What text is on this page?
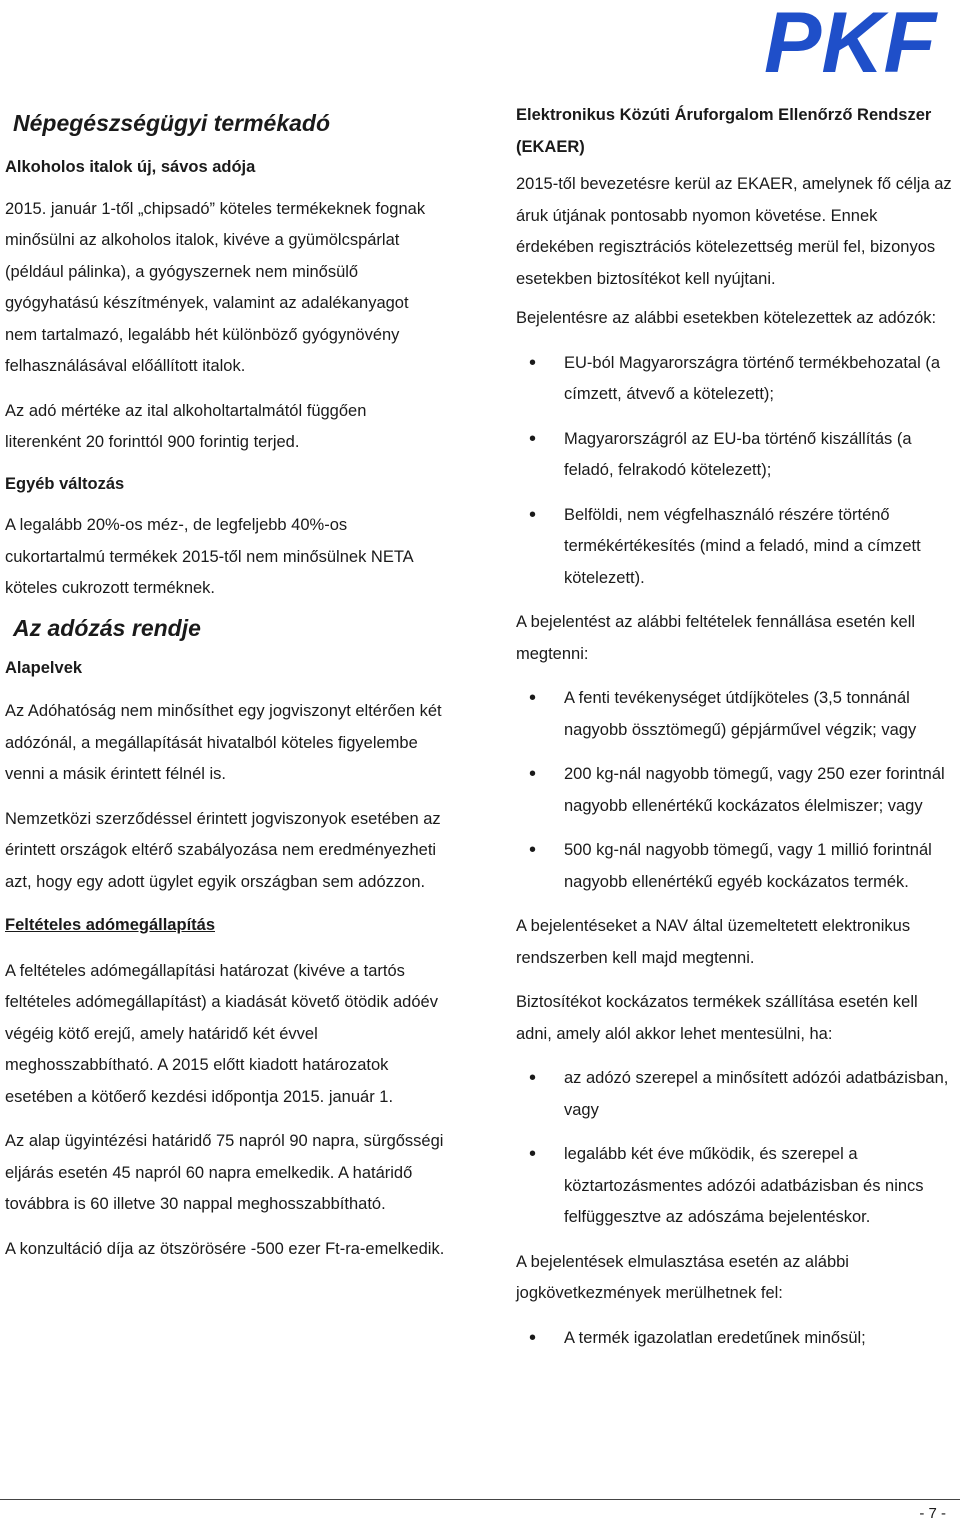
PKF
Népegészségügyi termékadó
Alkoholos italok új, sávos adója

2015. január 1-től „chipsadó” köteles termékeknek fognak minősülni az alkoholos italok, kivéve a gyümölcspárlat (például pálinka), a gyógyszernek nem minősülő gyógyhatású készítmények, valamint az adalékanyagot nem tartalmazó, legalább hét különböző gyógynövény felhasználásával előállított italok.

Az adó mértéke az ital alkoholtartalmától függően literenként 20 forinttól 900 forintig terjed.

Egyéb változás

A legalább 20%-os méz-, de legfeljebb 40%-os cukortartalmú termékek 2015-től nem minősülnek NETA köteles cukrozott terméknek.

Az adózás rendje
Alapelvek

Az Adóhatóság nem minősíthet egy jogviszonyt eltérően két adózónál, a megállapítását hivatalból köteles figyelembe venni a másik érintett félnél is.

Nemzetközi szerződéssel érintett jogviszonyok esetében az érintett országok eltérő szabályozása nem eredményezheti azt, hogy egy adott ügylet egyik országban sem adózzon.

Feltételes adómegállapítás

A feltételes adómegállapítási határozat (kivéve a tartós feltételes adómegállapítást) a kiadását követő ötödik adóév végéig kötő erejű, amely határidő két évvel meghosszabbítható. A 2015 előtt kiadott határozatok esetében a kötőerő kezdési időpontja 2015. január 1.

Az alap ügyintézési határidő 75 napról 90 napra, sürgősségi eljárás esetén 45 napról 60 napra emelkedik. A határidő továbbra is 60 illetve 30 nappal meghosszabbítható.

A konzultáció díja az ötszörösére -500 ezer Ft-ra-emelkedik.

Elektronikus Közúti Áruforgalom Ellenőrző Rendszer (EKAER)

2015-től bevezetésre kerül az EKAER, amelynek fő célja az áruk útjának pontosabb nyomon követése. Ennek érdekében regisztrációs kötelezettség merül fel, bizonyos esetekben biztosítékot kell nyújtani.

Bejelentésre az alábbi esetekben kötelezettek az adózók:

• EU-ból Magyarországra történő termékbehozatal (a címzett, átvevő a kötelezett);
• Magyarországról az EU-ba történő kiszállítás (a feladó, felrakodó kötelezett);
• Belföldi, nem végfelhasználó részére történő termékértékesítés (mind a feladó, mind a címzett kötelezett).

A bejelentést az alábbi feltételek fennállása esetén kell megtenni:

• A fenti tevékenységet útdíjköteles (3,5 tonnánál nagyobb össztömegű) gépjárművel végzik; vagy
• 200 kg-nál nagyobb tömegű, vagy 250 ezer forintnál nagyobb ellenértékű kockázatos élelmiszer; vagy
• 500 kg-nál nagyobb tömegű, vagy 1 millió forintnál nagyobb ellenértékű egyéb kockázatos termék.

A bejelentéseket a NAV által üzemeltetett elektronikus rendszerben kell majd megtenni.

Biztosítékot kockázatos termékek szállítása esetén kell adni, amely alól akkor lehet mentesülni, ha:

• az adózó szerepel a minősített adózói adatbázisban, vagy
• legalább két éve működik, és szerepel a köztartozásmentes adózói adatbázisban és nincs felfüggesztve az adószáma bejelentéskor.

A bejelentések elmulasztása esetén az alábbi jogkövetkezmények merülhetnek fel:

• A termék igazolatlan eredetűnek minősül;
- 7 -
